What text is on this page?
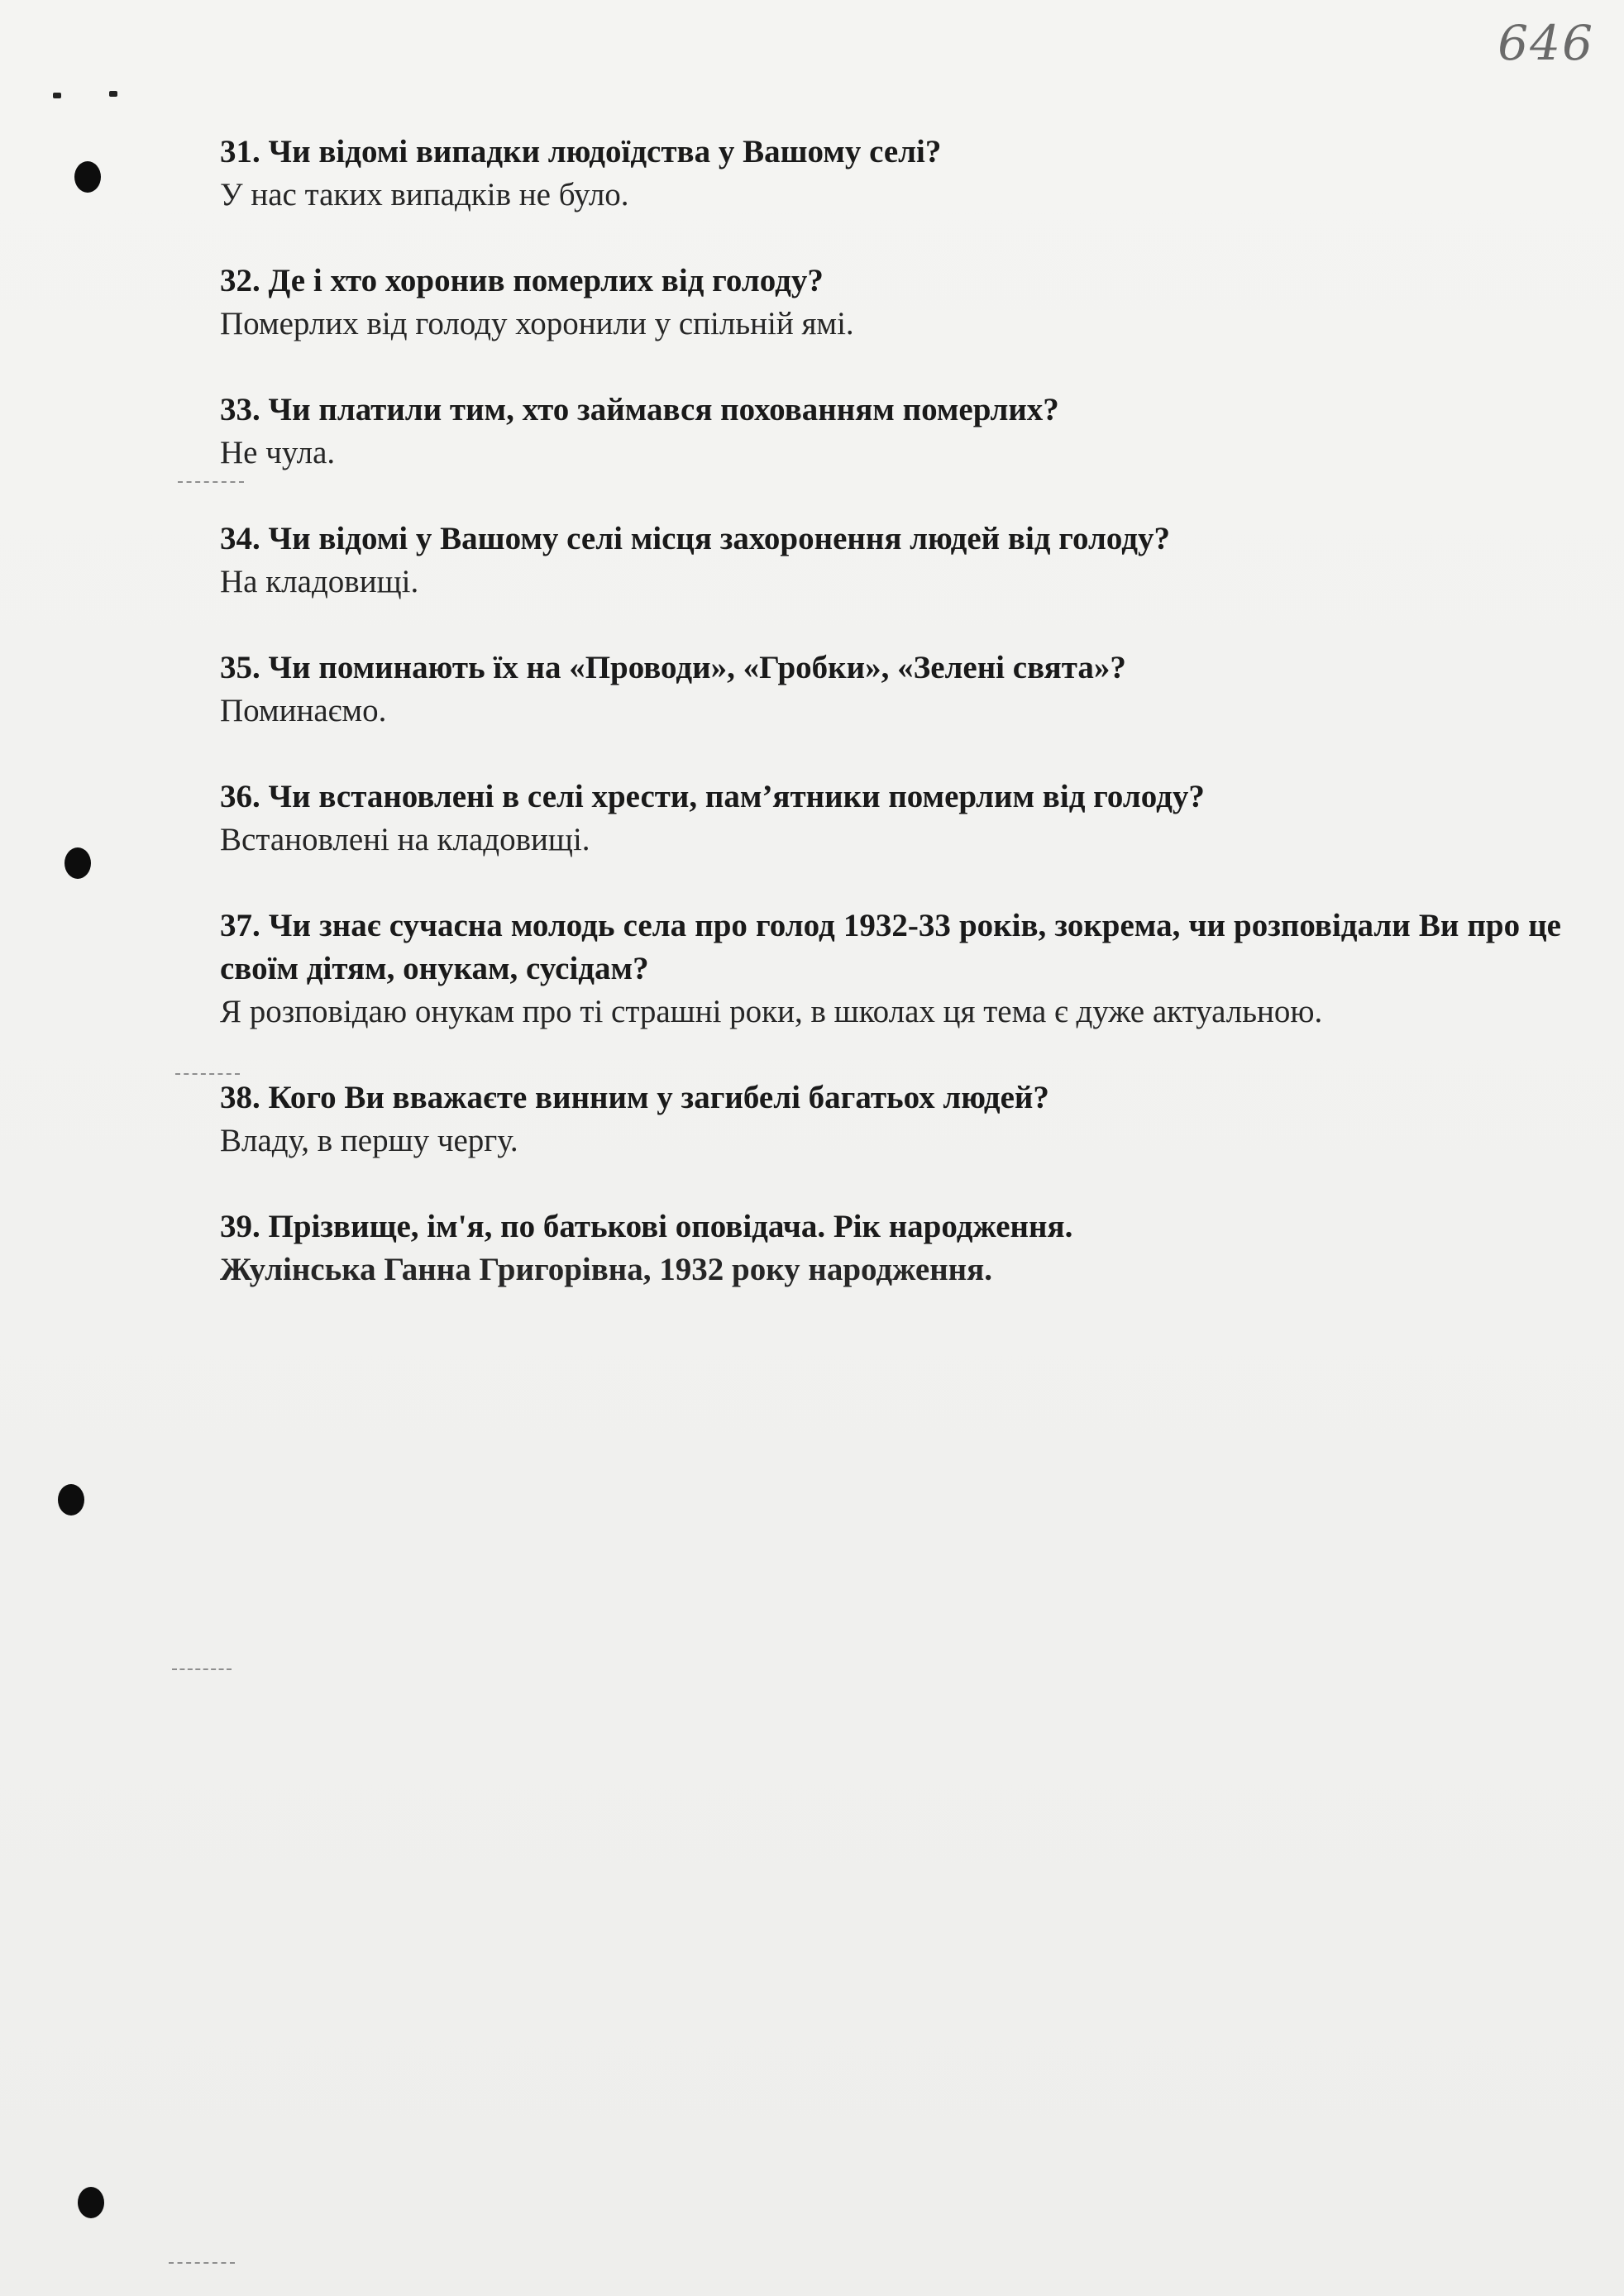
646
31. Чи відомі випадки людоїдства у Вашому селі?
У нас таких випадків не було.
32. Де і хто хоронив померлих від голоду?
Померлих від голоду хоронили у спільній ямі.
33. Чи платили тим, хто займався похованням померлих?
Не чула.
34. Чи відомі у Вашому селі місця захоронення людей від голоду?
На кладовищі.
35. Чи поминають їх на «Проводи», «Гробки», «Зелені свята»?
Поминаємо.
36. Чи встановлені в селі хрести, пам’ятники померлим від голоду?
Встановлені на кладовищі.
37. Чи знає сучасна молодь села про голод 1932-33 років, зокрема, чи розповідали Ви про це своїм дітям, онукам, сусідам?
Я розповідаю онукам про ті страшні роки, в школах ця тема є дуже актуальною.
38. Кого Ви вважаєте винним у загибелі багатьох людей?
Владу, в першу чергу.
39. Прізвище, ім'я, по батькові оповідача. Рік народження.
Жулінська Ганна Григорівна, 1932 року народження.
